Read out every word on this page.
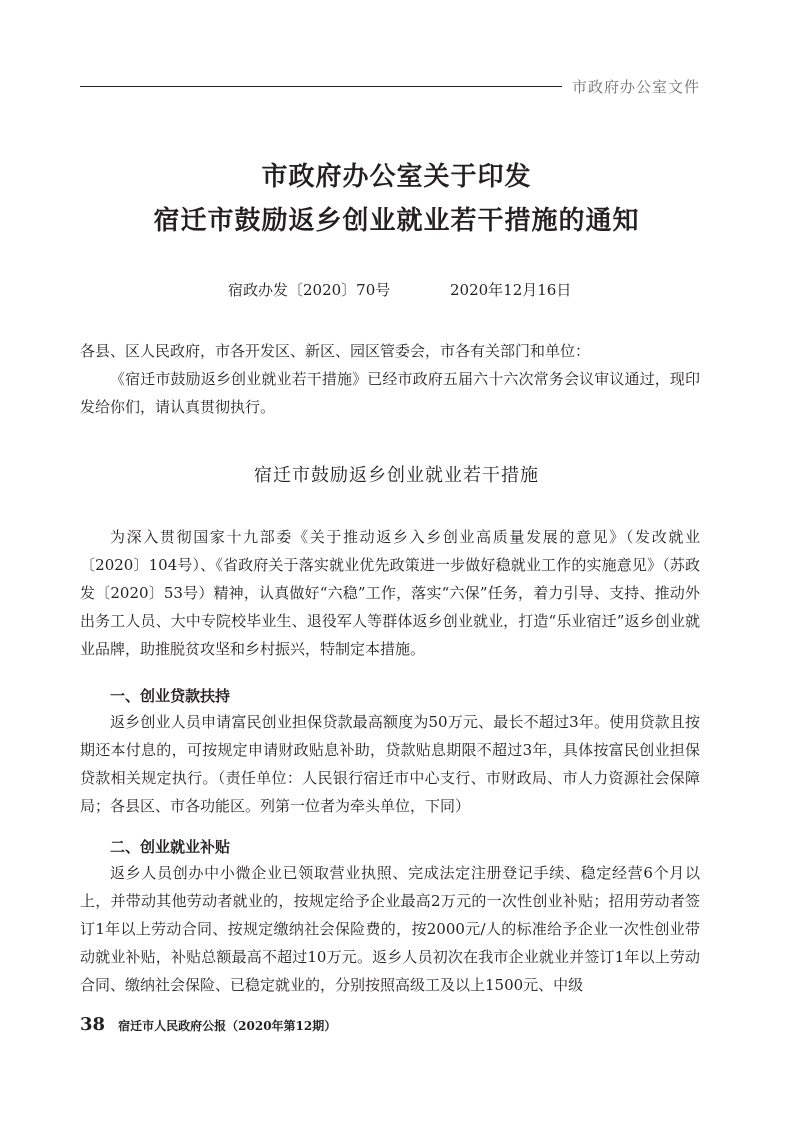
市政府办公室文件
市政府办公室关于印发
宿迁市鼓励返乡创业就业若干措施的通知
宿政办发〔2020〕70号	2020年12月16日
各县、区人民政府，市各开发区、新区、园区管委会，市各有关部门和单位：
《宿迁市鼓励返乡创业就业若干措施》已经市政府五届六十六次常务会议审议通过，现印发给你们，请认真贯彻执行。
宿迁市鼓励返乡创业就业若干措施
为深入贯彻国家十九部委《关于推动返乡入乡创业高质量发展的意见》（发改就业〔2020〕104号）、《省政府关于落实就业优先政策进一步做好稳就业工作的实施意见》（苏政发〔2020〕53号）精神，认真做好“六稳”工作，落实“六保”任务，着力引导、支持、推动外出务工人员、大中专院校毕业生、退役军人等群体返乡创业就业，打造“乐业宿迁”返乡创业就业品牌，助推脱贫攻坚和乡村振兴，特制定本措施。
一、创业贷款扶持
返乡创业人员申请富民创业担保贷款最高额度为50万元、最长不超过3年。使用贷款且按期还本付息的，可按规定申请财政贴息补助，贷款贴息期限不超过3年，具体按富民创业担保贷款相关规定执行。（责任单位：人民银行宿迁市中心支行、市财政局、市人力资源社会保障局；各县区、市各功能区。列第一位者为牵头单位，下同）
二、创业就业补贴
返乡人员创办中小微企业已领取营业执照、完成法定注册登记手续、稳定经营6个月以上，并带动其他劳动者就业的，按规定给予企业最高2万元的一次性创业补贴；招用劳动者签订1年以上劳动合同、按规定缴纳社会保险费的，按2000元/人的标准给予企业一次性创业带动就业补贴，补贴总额最高不超过10万元。返乡人员初次在我市企业就业并签订1年以上劳动合同、缴纳社会保险、已稳定就业的，分别按照高级工及以上1500元、中级
38 宿迁市人民政府公报（2020年第12期）
